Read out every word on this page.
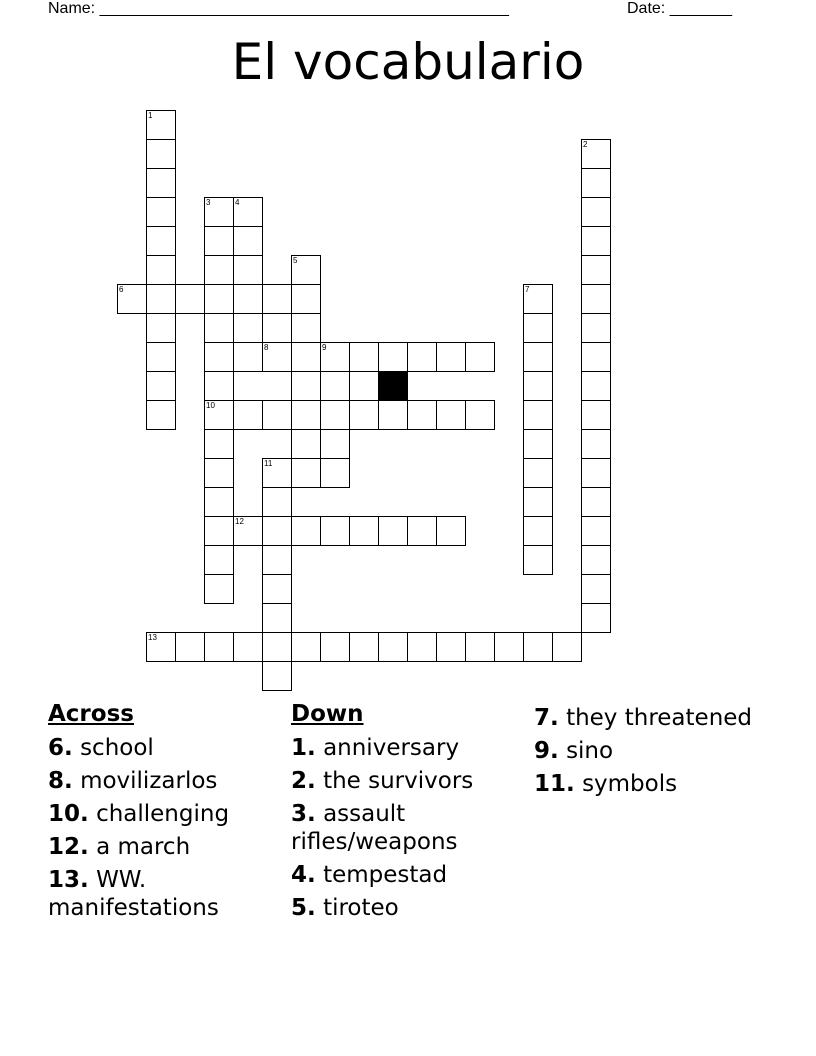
Name: ______________________________________________	Date: _______
El vocabulario
1
2
3
10
4
5
6	7
8	9
11
12
13
Across
6. school
8. movilizarlos
10. challenging
12. a march
13. WW. manifestations
Down
1. anniversary
2. the survivors
3. assault rifles/weapons
4. tempestad
5. tiroteo
7. they threatened
9. sino
11. symbols
